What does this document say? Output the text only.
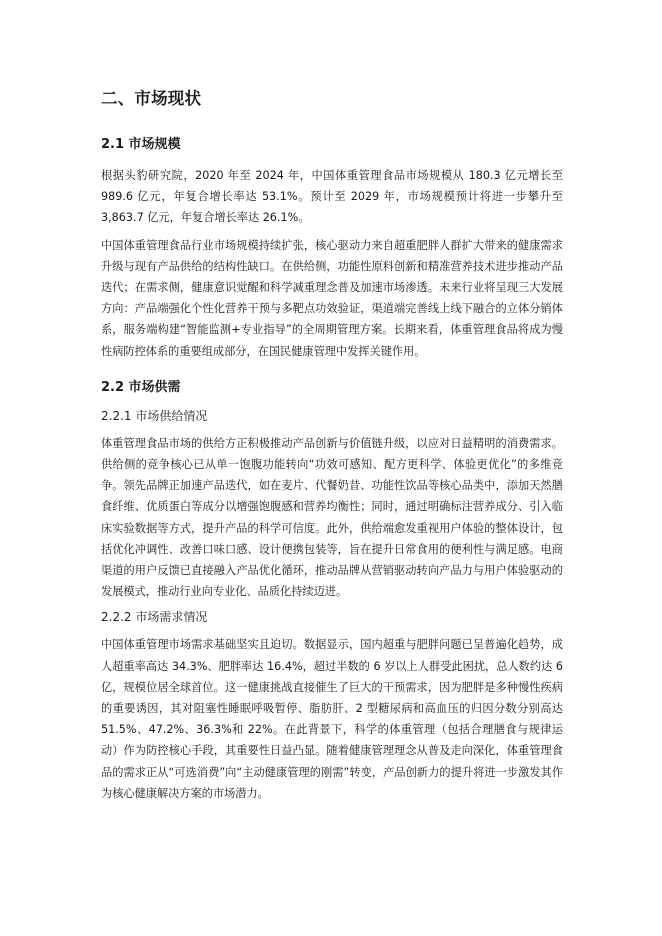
二、市场现状
2.1 市场规模

根据头豹研究院，2020 年至 2024 年，中国体重管理食品市场规模从 180.3 亿元增长至 989.6 亿元，年复合增长率达 53.1%。预计至 2029 年，市场规模预计将进一步攀升至 3,863.7 亿元，年复合增长率达 26.1%。

中国体重管理食品行业市场规模持续扩张，核心驱动力来自超重肥胖人群扩大带来的健康需求升级与现有产品供给的结构性缺口。在供给侧，功能性原料创新和精准营养技术进步推动产品迭代；在需求侧，健康意识觉醒和科学减重理念普及加速市场渗透。未来行业将呈现三大发展方向：产品端强化个性化营养干预与多靶点功效验证，渠道端完善线上线下融合的立体分销体系，服务端构建“智能监测+专业指导”的全周期管理方案。长期来看，体重管理食品将成为慢性病防控体系的重要组成部分，在国民健康管理中发挥关键作用。

2.2 市场供需
2.2.1 市场供给情况

体重管理食品市场的供给方正积极推动产品创新与价值链升级，以应对日益精明的消费需求。供给侧的竞争核心已从单一饱腹功能转向“功效可感知、配方更科学、体验更优化”的多维竞争。领先品牌正加速产品迭代，如在麦片、代餐奶昔、功能性饮品等核心品类中，添加天然膳食纤维、优质蛋白等成分以增强饱腹感和营养均衡性；同时，通过明确标注营养成分、引入临床实验数据等方式，提升产品的科学可信度。此外，供给端愈发重视用户体验的整体设计，包括优化冲调性、改善口味口感、设计便携包装等，旨在提升日常食用的便利性与满足感。电商渠道的用户反馈已直接融入产品优化循环，推动品牌从营销驱动转向产品力与用户体验驱动的发展模式，推动行业向专业化、品质化持续迈进。

2.2.2 市场需求情况

中国体重管理市场需求基础坚实且迫切。数据显示，国内超重与肥胖问题已呈普遍化趋势，成人超重率高达 34.3%、肥胖率达 16.4%，超过半数的 6 岁以上人群受此困扰，总人数约达 6 亿，规模位居全球首位。这一健康挑战直接催生了巨大的干预需求，因为肥胖是多种慢性疾病的重要诱因，其对阻塞性睡眠呼吸暂停、脂肪肝、2 型糖尿病和高血压的归因分数分别高达 51.5%、47.2%、36.3%和 22%。在此背景下，科学的体重管理（包括合理膳食与规律运动）作为防控核心手段，其重要性日益凸显。随着健康管理理念从普及走向深化，体重管理食品的需求正从“可选消费”向“主动健康管理的刚需”转变，产品创新力的提升将进一步激发其作为核心健康解决方案的市场潜力。
